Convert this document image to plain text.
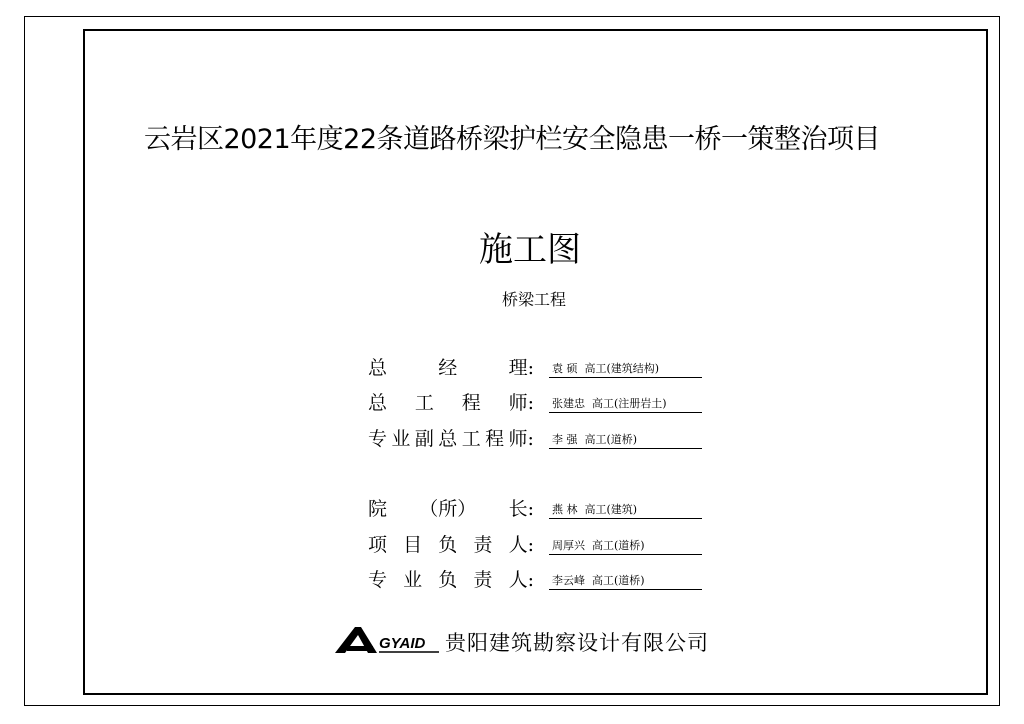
云岩区2021年度22条道路桥梁护栏安全隐患一桥一策整治项目
施工图
桥梁工程
总	经	理: 袁 硕  高工(建筑结构)
总 工 程 师: 张建忠  高工(注册岩土)
专 业 副 总 工 程 师: 李 强  高工(道桥)
院 （所） 长: 燕 林  高工(建筑)
项 目 负 责 人: 周厚兴  高工(道桥)
专 业 负 责 人: 李云峰  高工(道桥)
GYAID 贵阳建筑勘察设计有限公司
